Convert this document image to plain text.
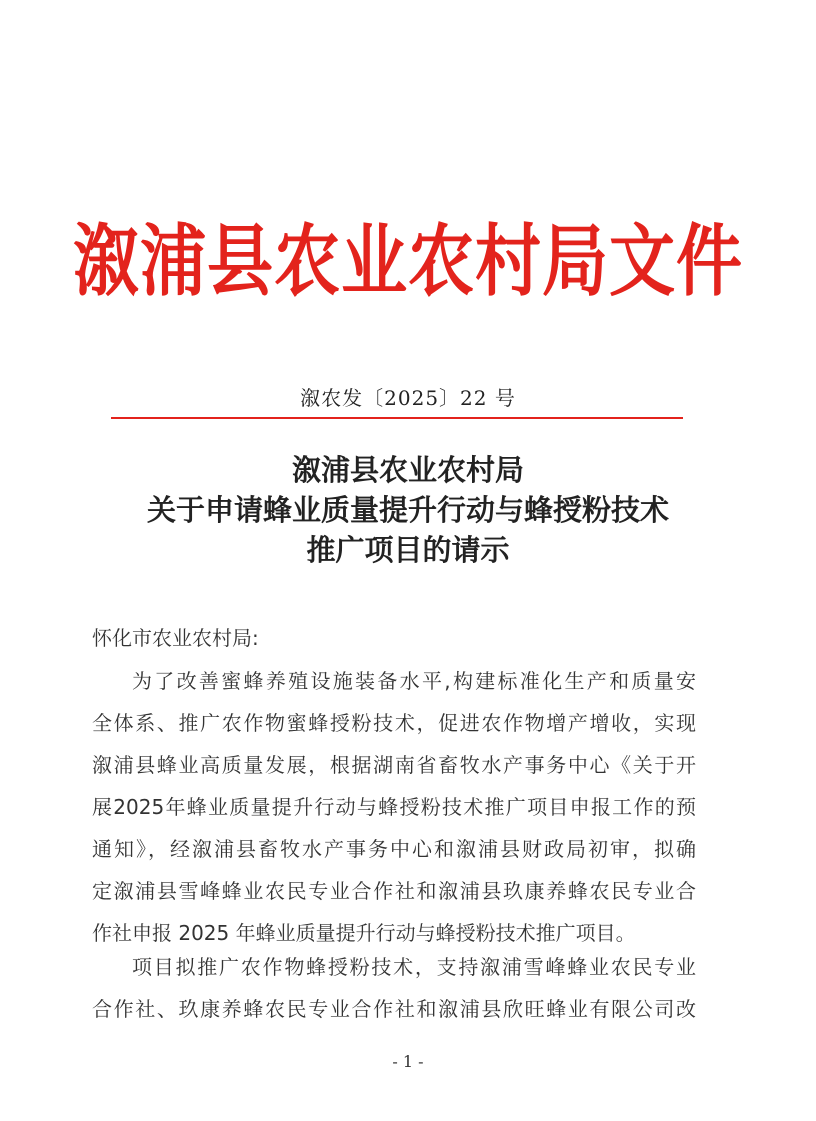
溆浦县农业农村局文件
溆农发〔2025〕22 号
溆浦县农业农村局
关于申请蜂业质量提升行动与蜂授粉技术
推广项目的请示
怀化市农业农村局:
为了改善蜜蜂养殖设施装备水平,构建标准化生产和质量安
全体系、推广农作物蜜蜂授粉技术，促进农作物增产增收，实现
溆浦县蜂业高质量发展，根据湖南省畜牧水产事务中心《关于开
展2025年蜂业质量提升行动与蜂授粉技术推广项目申报工作的预
通知》，经溆浦县畜牧水产事务中心和溆浦县财政局初审，拟确
定溆浦县雪峰蜂业农民专业合作社和溆浦县玖康养蜂农民专业合
作社申报 2025 年蜂业质量提升行动与蜂授粉技术推广项目。
项目拟推广农作物蜂授粉技术，支持溆浦雪峰蜂业农民专业
合作社、玖康养蜂农民专业合作社和溆浦县欣旺蜂业有限公司改
- 1 -
